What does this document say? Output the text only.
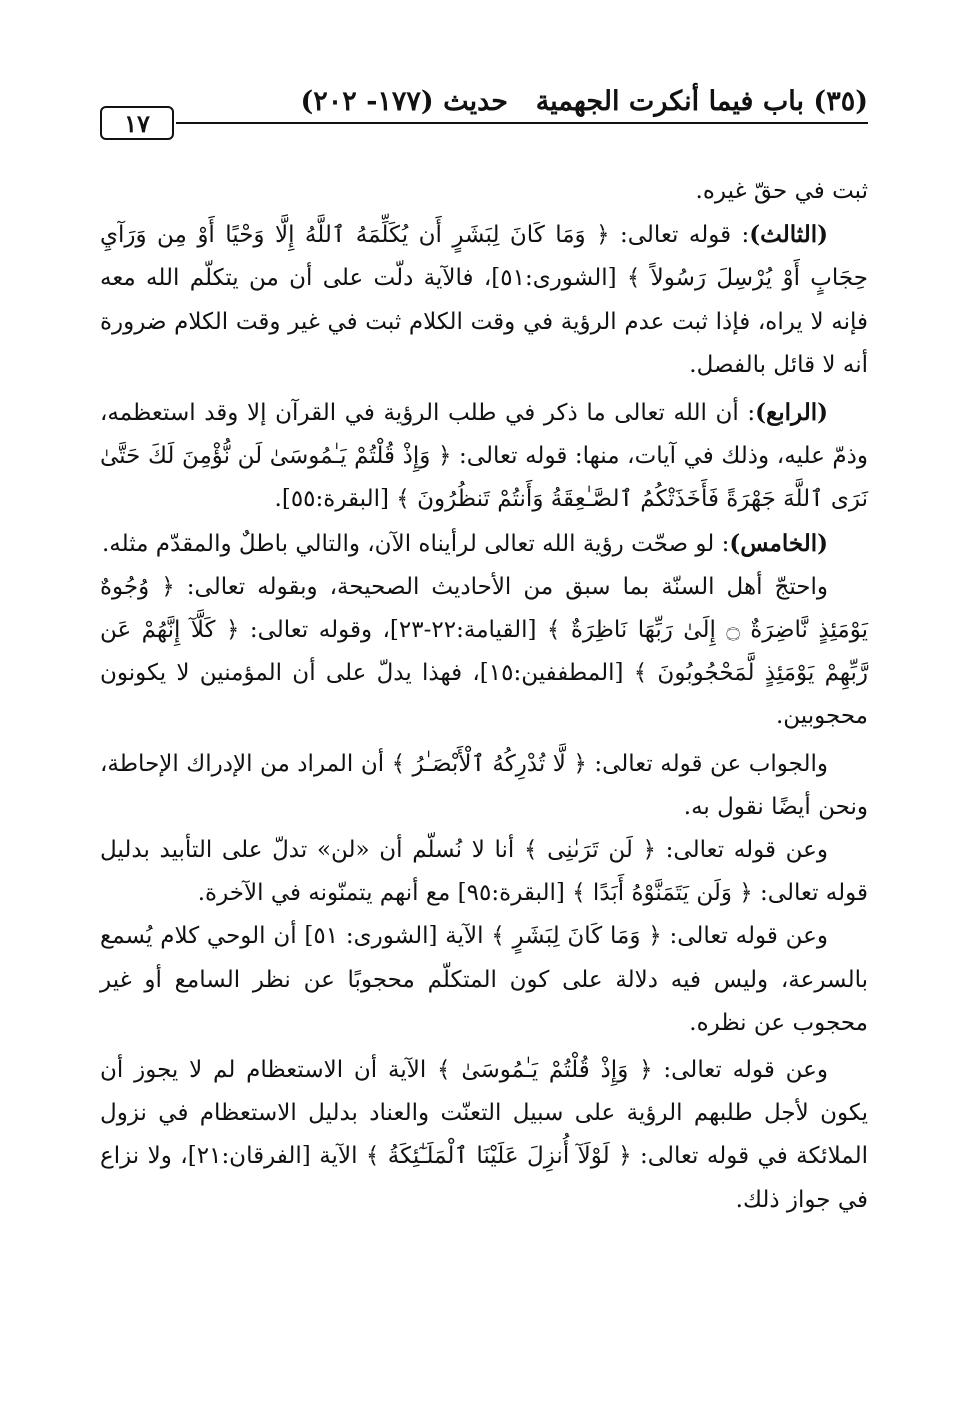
(٣٥) باب فيما أنكرت الجهمية
حديث (١٧٧- ٢٠٢)
١٧

ثبت في حقّ غيره.

(الثالث): قوله تعالى: ﴿ وَمَا كَانَ لِبَشَرٍ أَن يُكَلِّمَهُ ٱللَّهُ إِلَّا وَحْيًا أَوْ مِن وَرَآيِ حِجَابٍ أَوْ يُرْسِلَ رَسُولاً ﴾ [الشورى:٥١]، فالآية دلّت على أن من يتكلّم الله معه فإنه لا يراه، فإذا ثبت عدم الرؤية في وقت الكلام ثبت في غير وقت الكلام ضرورة أنه لا قائل بالفصل.

(الرابع): أن الله تعالى ما ذكر في طلب الرؤية في القرآن إلا وقد استعظمه، وذمّ عليه، وذلك في آيات، منها: قوله تعالى: ﴿ وَإِذْ قُلْتُمْ يَـٰمُوسَىٰ لَن نُّؤْمِنَ لَكَ حَتَّىٰ نَرَى ٱللَّهَ جَهْرَةً فَأَخَذَتْكُمُ ٱلصَّـٰعِقَةُ وَأَنتُمْ تَنظُرُونَ ﴾ [البقرة:٥٥].

(الخامس): لو صحّت رؤية الله تعالى لرأيناه الآن، والتالي باطلٌ والمقدّم مثله.

واحتجّ أهل السنّة بما سبق من الأحاديث الصحيحة، وبقوله تعالى: ﴿ وُجُوهٌ يَوْمَئِذٍ نَّاضِرَةٌ ۝ إِلَىٰ رَبِّهَا نَاظِرَةٌ ﴾ [القيامة:٢٢-٢٣]، وقوله تعالى: ﴿ كَلَّآ إِنَّهُمْ عَن رَّبِّهِمْ يَوْمَئِذٍ لَّمَحْجُوبُونَ ﴾ [المطففين:١٥]، فهذا يدلّ على أن المؤمنين لا يكونون محجوبين.

والجواب عن قوله تعالى: ﴿ لَّا تُدْرِكُهُ ٱلْأَبْصَـٰرُ ﴾ أن المراد من الإدراك الإحاطة، ونحن أيضًا نقول به.

وعن قوله تعالى: ﴿ لَن تَرَىٰنِى ﴾ أنا لا نُسلّم أن «لن» تدلّ على التأبيد بدليل قوله تعالى: ﴿ وَلَن يَتَمَنَّوْهُ أَبَدًا ﴾ [البقرة:٩٥] مع أنهم يتمنّونه في الآخرة.

وعن قوله تعالى: ﴿ وَمَا كَانَ لِبَشَرٍ ﴾ الآية [الشورى: ٥١] أن الوحي كلام يُسمع بالسرعة، وليس فيه دلالة على كون المتكلّم محجوبًا عن نظر السامع أو غير محجوب عن نظره.

وعن قوله تعالى: ﴿ وَإِذْ قُلْتُمْ يَـٰمُوسَىٰ ﴾ الآية أن الاستعظام لم لا يجوز أن يكون لأجل طلبهم الرؤية على سبيل التعنّت والعناد بدليل الاستعظام في نزول الملائكة في قوله تعالى: ﴿ لَوْلَآ أُنزِلَ عَلَيْنَا ٱلْمَلَـٰٓئِكَةُ ﴾ الآية [الفرقان:٢١]، ولا نزاع في جواز ذلك.
